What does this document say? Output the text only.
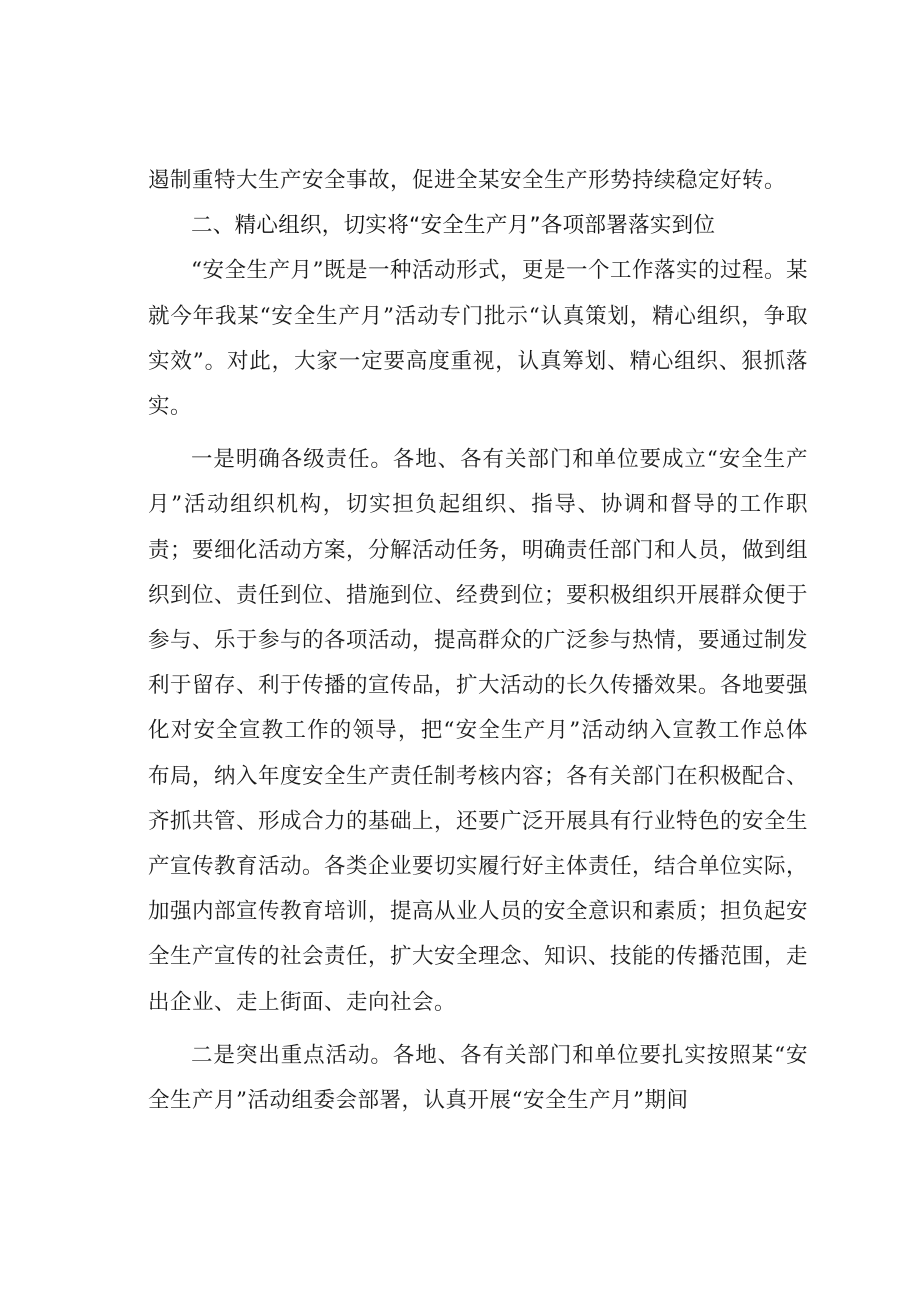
遏制重特大生产安全事故，促进全某安全生产形势持续稳定好转。

二、精心组织，切实将“安全生产月”各项部署落实到位

“安全生产月”既是一种活动形式，更是一个工作落实的过程。某就今年我某“安全生产月”活动专门批示“认真策划，精心组织，争取实效”。对此，大家一定要高度重视，认真筹划、精心组织、狠抓落实。

一是明确各级责任。各地、各有关部门和单位要成立“安全生产月”活动组织机构，切实担负起组织、指导、协调和督导的工作职责；要细化活动方案，分解活动任务，明确责任部门和人员，做到组织到位、责任到位、措施到位、经费到位；要积极组织开展群众便于参与、乐于参与的各项活动，提高群众的广泛参与热情，要通过制发利于留存、利于传播的宣传品，扩大活动的长久传播效果。各地要强化对安全宣教工作的领导，把“安全生产月”活动纳入宣教工作总体布局，纳入年度安全生产责任制考核内容；各有关部门在积极配合、齐抓共管、形成合力的基础上，还要广泛开展具有行业特色的安全生产宣传教育活动。各类企业要切实履行好主体责任，结合单位实际，加强内部宣传教育培训，提高从业人员的安全意识和素质；担负起安全生产宣传的社会责任，扩大安全理念、知识、技能的传播范围，走出企业、走上街面、走向社会。

二是突出重点活动。各地、各有关部门和单位要扎实按照某“安全生产月”活动组委会部署，认真开展“安全生产月”期间
